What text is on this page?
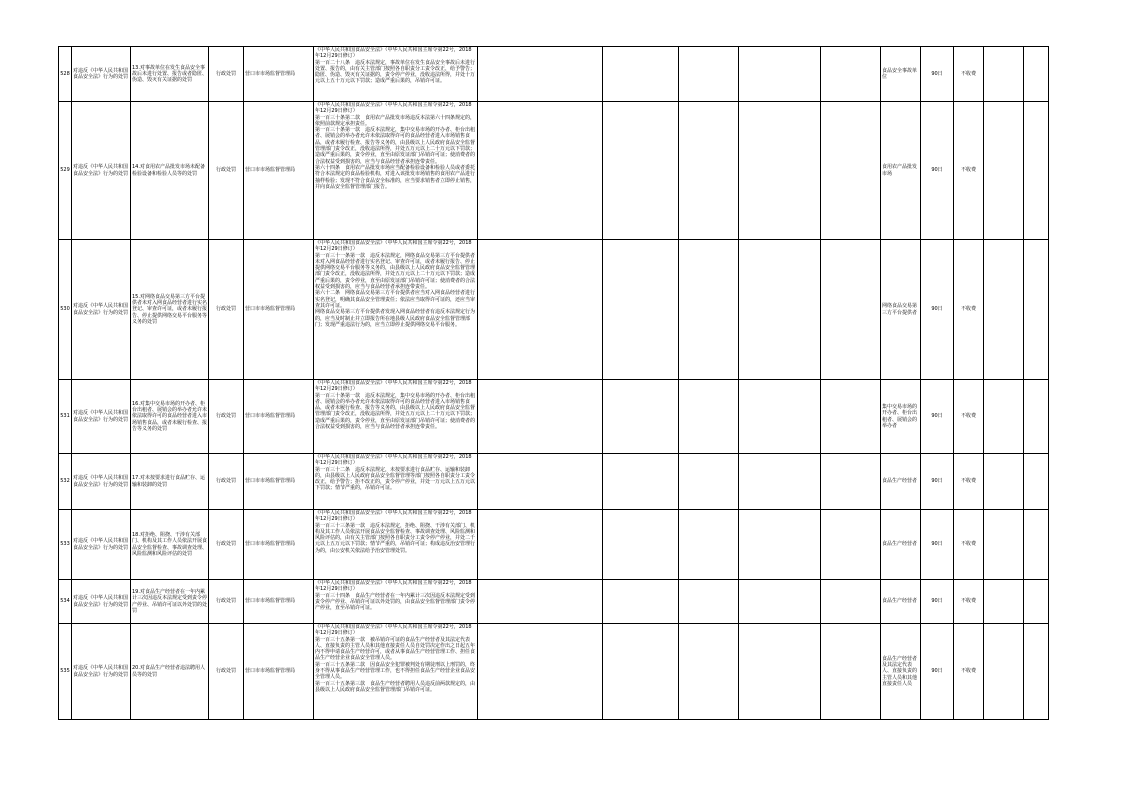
528	对违反《中华人民共和国食品安全法》行为的处罚	13.对事故单位在发生食品安全事故后未进行处置、报告或者隐匿、伪造、毁灭有关证据的处罚	行政处罚	营口市市场监督管理局	《中华人民共和国食品安全法》（中华人民共和国主席令第22号，2018年12月29日修订）
第一百二十八条　违反本法规定，事故单位在发生食品安全事故后未进行处置、报告的，由有关主管部门按照各自职责分工责令改正，给予警告；隐匿、伪造、毁灭有关证据的，责令停产停业，没收违法所得，并处十万元以上五十万元以下罚款；造成严重后果的，吊销许可证。						食品安全事故单位	90日	不收费		
529	对违反《中华人民共和国食品安全法》行为的处罚	14.对食用农产品批发市场未配备检验设备和检验人员等的处罚	行政处罚	营口市市场监督管理局	《中华人民共和国食品安全法》（中华人民共和国主席令第22号，2018年12月29日修订）
第一百三十条第二款　食用农产品批发市场违反本法第六十四条规定的，依照前款规定承担责任。
第一百三十条第一款　违反本法规定，集中交易市场的开办者、柜台出租者、展销会的举办者允许未依法取得许可的食品经营者进入市场销售食品，或者未履行检查、报告等义务的，由县级以上人民政府食品安全监督管理部门责令改正，没收违法所得，并处五万元以上二十万元以下罚款；造成严重后果的，责令停业，直至由原发证部门吊销许可证；使消费者的合法权益受到损害的，应当与食品经营者承担连带责任。
第六十四条　食用农产品批发市场应当配备检验设备和检验人员或者委托符合本法规定的食品检验机构，对进入该批发市场销售的食用农产品进行抽样检验；发现不符合食品安全标准的，应当要求销售者立即停止销售，并向食品安全监督管理部门报告。						食用农产品批发市场	90日	不收费		
530	对违反《中华人民共和国食品安全法》行为的处罚	15.对网络食品交易第三方平台提供者未对入网食品经营者进行实名登记、审查许可证，或者未履行报告、停止提供网络交易平台服务等义务的处罚	行政处罚	营口市市场监督管理局	《中华人民共和国食品安全法》（中华人民共和国主席令第22号，2018年12月29日修订）
第一百三十一条第一款　违反本法规定，网络食品交易第三方平台提供者未对入网食品经营者进行实名登记、审查许可证，或者未履行报告、停止提供网络交易平台服务等义务的，由县级以上人民政府食品安全监督管理部门责令改正，没收违法所得，并处五万元以上二十万元以下罚款；造成严重后果的，责令停业，直至由原发证部门吊销许可证；使消费者的合法权益受到损害的，应当与食品经营者承担连带责任。
第六十二条　网络食品交易第三方平台提供者应当对入网食品经营者进行实名登记，明确其食品安全管理责任；依法应当取得许可证的，还应当审查其许可证。
网络食品交易第三方平台提供者发现入网食品经营者有违反本法规定行为的，应当及时制止并立即报告所在地县级人民政府食品安全监督管理部门；发现严重违法行为的，应当立即停止提供网络交易平台服务。						网络食品交易第三方平台提供者	90日	不收费		
531	对违反《中华人民共和国食品安全法》行为的处罚	16.对集中交易市场的开办者、柜台出租者、展销会的举办者允许未依法取得许可的食品经营者进入市场销售食品，或者未履行检查、报告等义务的处罚	行政处罚	营口市市场监督管理局	《中华人民共和国食品安全法》（中华人民共和国主席令第22号，2018年12月29日修订）
第一百三十条第一款　违反本法规定，集中交易市场的开办者、柜台出租者、展销会的举办者允许未依法取得许可的食品经营者进入市场销售食品，或者未履行检查、报告等义务的，由县级以上人民政府食品安全监督管理部门责令改正，没收违法所得，并处五万元以上二十万元以下罚款；造成严重后果的，责令停业，直至由原发证部门吊销许可证；使消费者的合法权益受到损害的，应当与食品经营者承担连带责任。						集中交易市场的开办者、柜台出租者、展销会的举办者	90日	不收费		
532	对违反《中华人民共和国食品安全法》行为的处罚	17.对未按要求进行食品贮存、运输和装卸的处罚	行政处罚	营口市市场监督管理局	《中华人民共和国食品安全法》（中华人民共和国主席令第22号，2018年12月29日修订）
第一百三十二条　违反本法规定，未按要求进行食品贮存、运输和装卸的，由县级以上人民政府食品安全监督管理等部门按照各自职责分工责令改正，给予警告；拒不改正的，责令停产停业，并处一万元以上五万元以下罚款；情节严重的，吊销许可证。						食品生产经营者	90日	不收费		
533	对违反《中华人民共和国食品安全法》行为的处罚	18.对拒绝、阻挠、干涉有关部门、机构及其工作人员依法开展食品安全监督检查、事故调查处理、风险监测和风险评估的处罚	行政处罚	营口市市场监督管理局	《中华人民共和国食品安全法》（中华人民共和国主席令第22号，2018年12月29日修订）
第一百三十三条第一款　违反本法规定，拒绝、阻挠、干涉有关部门、机构及其工作人员依法开展食品安全监督检查、事故调查处理、风险监测和风险评估的，由有关主管部门按照各自职责分工责令停产停业，并处二千元以上五万元以下罚款；情节严重的，吊销许可证；构成违反治安管理行为的，由公安机关依法给予治安管理处罚。						食品生产经营者	90日	不收费		
534	对违反《中华人民共和国食品安全法》行为的处罚	19.对食品生产经营者在一年内累计三次因违反本法规定受到责令停产停业、吊销许可证以外处罚的处罚	行政处罚	营口市市场监督管理局	《中华人民共和国食品安全法》（中华人民共和国主席令第22号，2018年12月29日修订）
第一百三十四条　食品生产经营者在一年内累计三次因违反本法规定受到责令停产停业、吊销许可证以外处罚的，由食品安全监督管理部门责令停产停业，直至吊销许可证。						食品生产经营者	90日	不收费		
535	对违反《中华人民共和国食品安全法》行为的处罚	20.对食品生产经营者违法聘用人员等的处罚	行政处罚	营口市市场监督管理局	《中华人民共和国食品安全法》（中华人民共和国主席令第22号，2018年12月29日修订）
第一百三十五条第一款　被吊销许可证的食品生产经营者及其法定代表人、直接负责的主管人员和其他直接责任人员自处罚决定作出之日起五年内不得申请食品生产经营许可，或者从事食品生产经营管理工作、担任食品生产经营企业食品安全管理人员。
第一百三十五条第二款　因食品安全犯罪被判处有期徒刑以上刑罚的，终身不得从事食品生产经营管理工作，也不得担任食品生产经营企业食品安全管理人员。
第一百三十五条第三款　食品生产经营者聘用人员违反前两款规定的，由县级以上人民政府食品安全监督管理部门吊销许可证。						食品生产经营者及其法定代表人、直接负责的主管人员和其他直接责任人员	90日	不收费		
